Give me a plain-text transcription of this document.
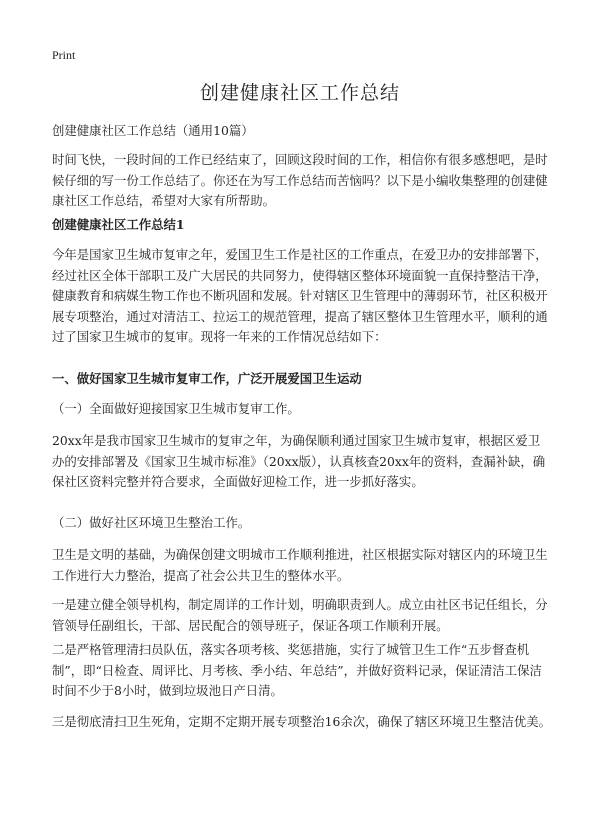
Print
创建健康社区工作总结
创建健康社区工作总结（通用10篇）
时间飞快，一段时间的工作已经结束了，回顾这段时间的工作，相信你有很多感想吧，是时候仔细的写一份工作总结了。你还在为写工作总结而苦恼吗？以下是小编收集整理的创建健康社区工作总结，希望对大家有所帮助。
创建健康社区工作总结1
今年是国家卫生城市复审之年，爱国卫生工作是社区的工作重点，在爱卫办的安排部署下，经过社区全体干部职工及广大居民的共同努力，使得辖区整体环境面貌一直保持整洁干净，健康教育和病媒生物工作也不断巩固和发展。针对辖区卫生管理中的薄弱环节，社区积极开展专项整治，通过对清洁工、拉运工的规范管理，提高了辖区整体卫生管理水平，顺利的通过了国家卫生城市的复审。现将一年来的工作情况总结如下：
一、做好国家卫生城市复审工作，广泛开展爱国卫生运动
（一）全面做好迎接国家卫生城市复审工作。
20xx年是我市国家卫生城市的复审之年，为确保顺利通过国家卫生城市复审，根据区爱卫办的安排部署及《国家卫生城市标准》（20xx版），认真核查20xx年的资料，查漏补缺，确保社区资料完整并符合要求，全面做好迎检工作，进一步抓好落实。
（二）做好社区环境卫生整治工作。
卫生是文明的基础，为确保创建文明城市工作顺利推进，社区根据实际对辖区内的环境卫生工作进行大力整治，提高了社会公共卫生的整体水平。
一是建立健全领导机构，制定周详的工作计划，明确职责到人。成立由社区书记任组长，分管领导任副组长，干部、居民配合的领导班子，保证各项工作顺利开展。
二是严格管理清扫员队伍，落实各项考核、奖惩措施，实行了城管卫生工作“五步督查机制”，即“日检查、周评比、月考核、季小结、年总结”，并做好资料记录，保证清洁工保洁时间不少于8小时，做到垃圾池日产日清。
三是彻底清扫卫生死角，定期不定期开展专项整治16余次，确保了辖区环境卫生整洁优美。
